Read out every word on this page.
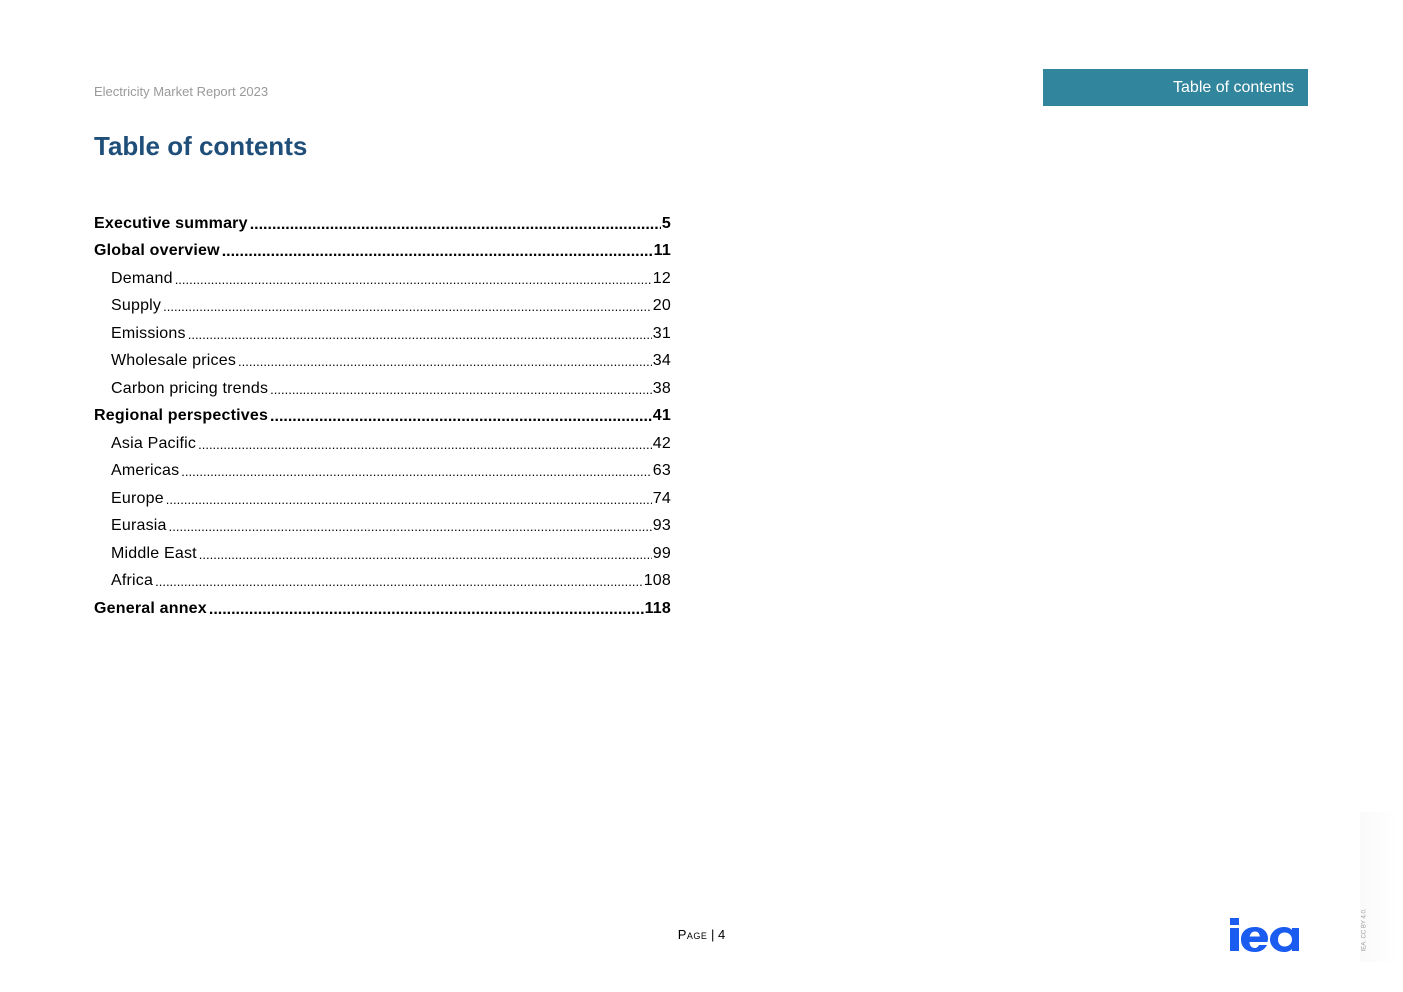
Electricity Market Report 2023	Table of contents
Table of contents
Executive summary .....	5
Global overview .....	11
Demand .....	12
Supply .....	20
Emissions .....	31
Wholesale prices .....	34
Carbon pricing trends .....	38
Regional perspectives .....	41
Asia Pacific .....	42
Americas .....	63
Europe .....	74
Eurasia .....	93
Middle East .....	99
Africa .....	108
General annex .....	118
Page | 4
iea	IEA. CC BY 4.0.
